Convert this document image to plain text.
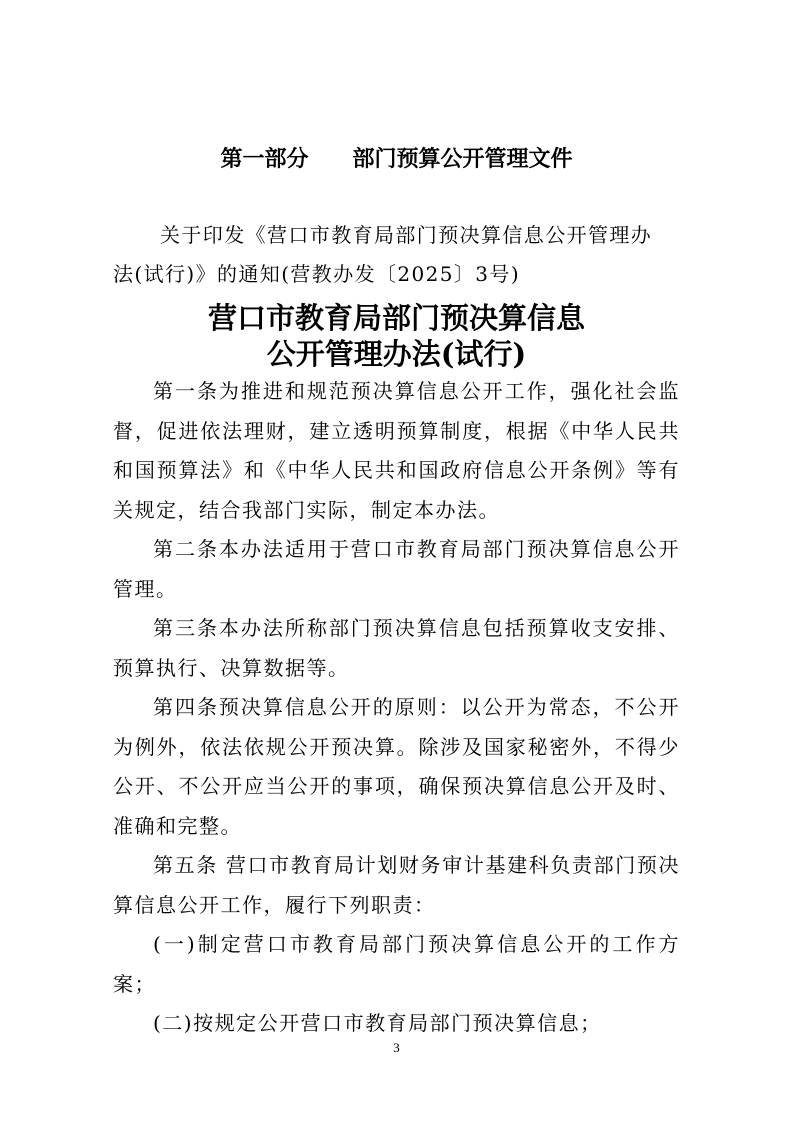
第一部分　　部门预算公开管理文件
关于印发《营口市教育局部门预决算信息公开管理办法(试行)》的通知(营教办发〔2025〕3号)
营口市教育局部门预决算信息
公开管理办法(试行)

第一条为推进和规范预决算信息公开工作，强化社会监督，促进依法理财，建立透明预算制度，根据《中华人民共和国预算法》和《中华人民共和国政府信息公开条例》等有关规定，结合我部门实际，制定本办法。

第二条本办法适用于营口市教育局部门预决算信息公开管理。

第三条本办法所称部门预决算信息包括预算收支安排、预算执行、决算数据等。

第四条预决算信息公开的原则：以公开为常态，不公开为例外，依法依规公开预决算。除涉及国家秘密外，不得少公开、不公开应当公开的事项，确保预决算信息公开及时、准确和完整。

第五条 营口市教育局计划财务审计基建科负责部门预决算信息公开工作，履行下列职责：

(一)制定营口市教育局部门预决算信息公开的工作方案；

(二)按规定公开营口市教育局部门预决算信息；

3
